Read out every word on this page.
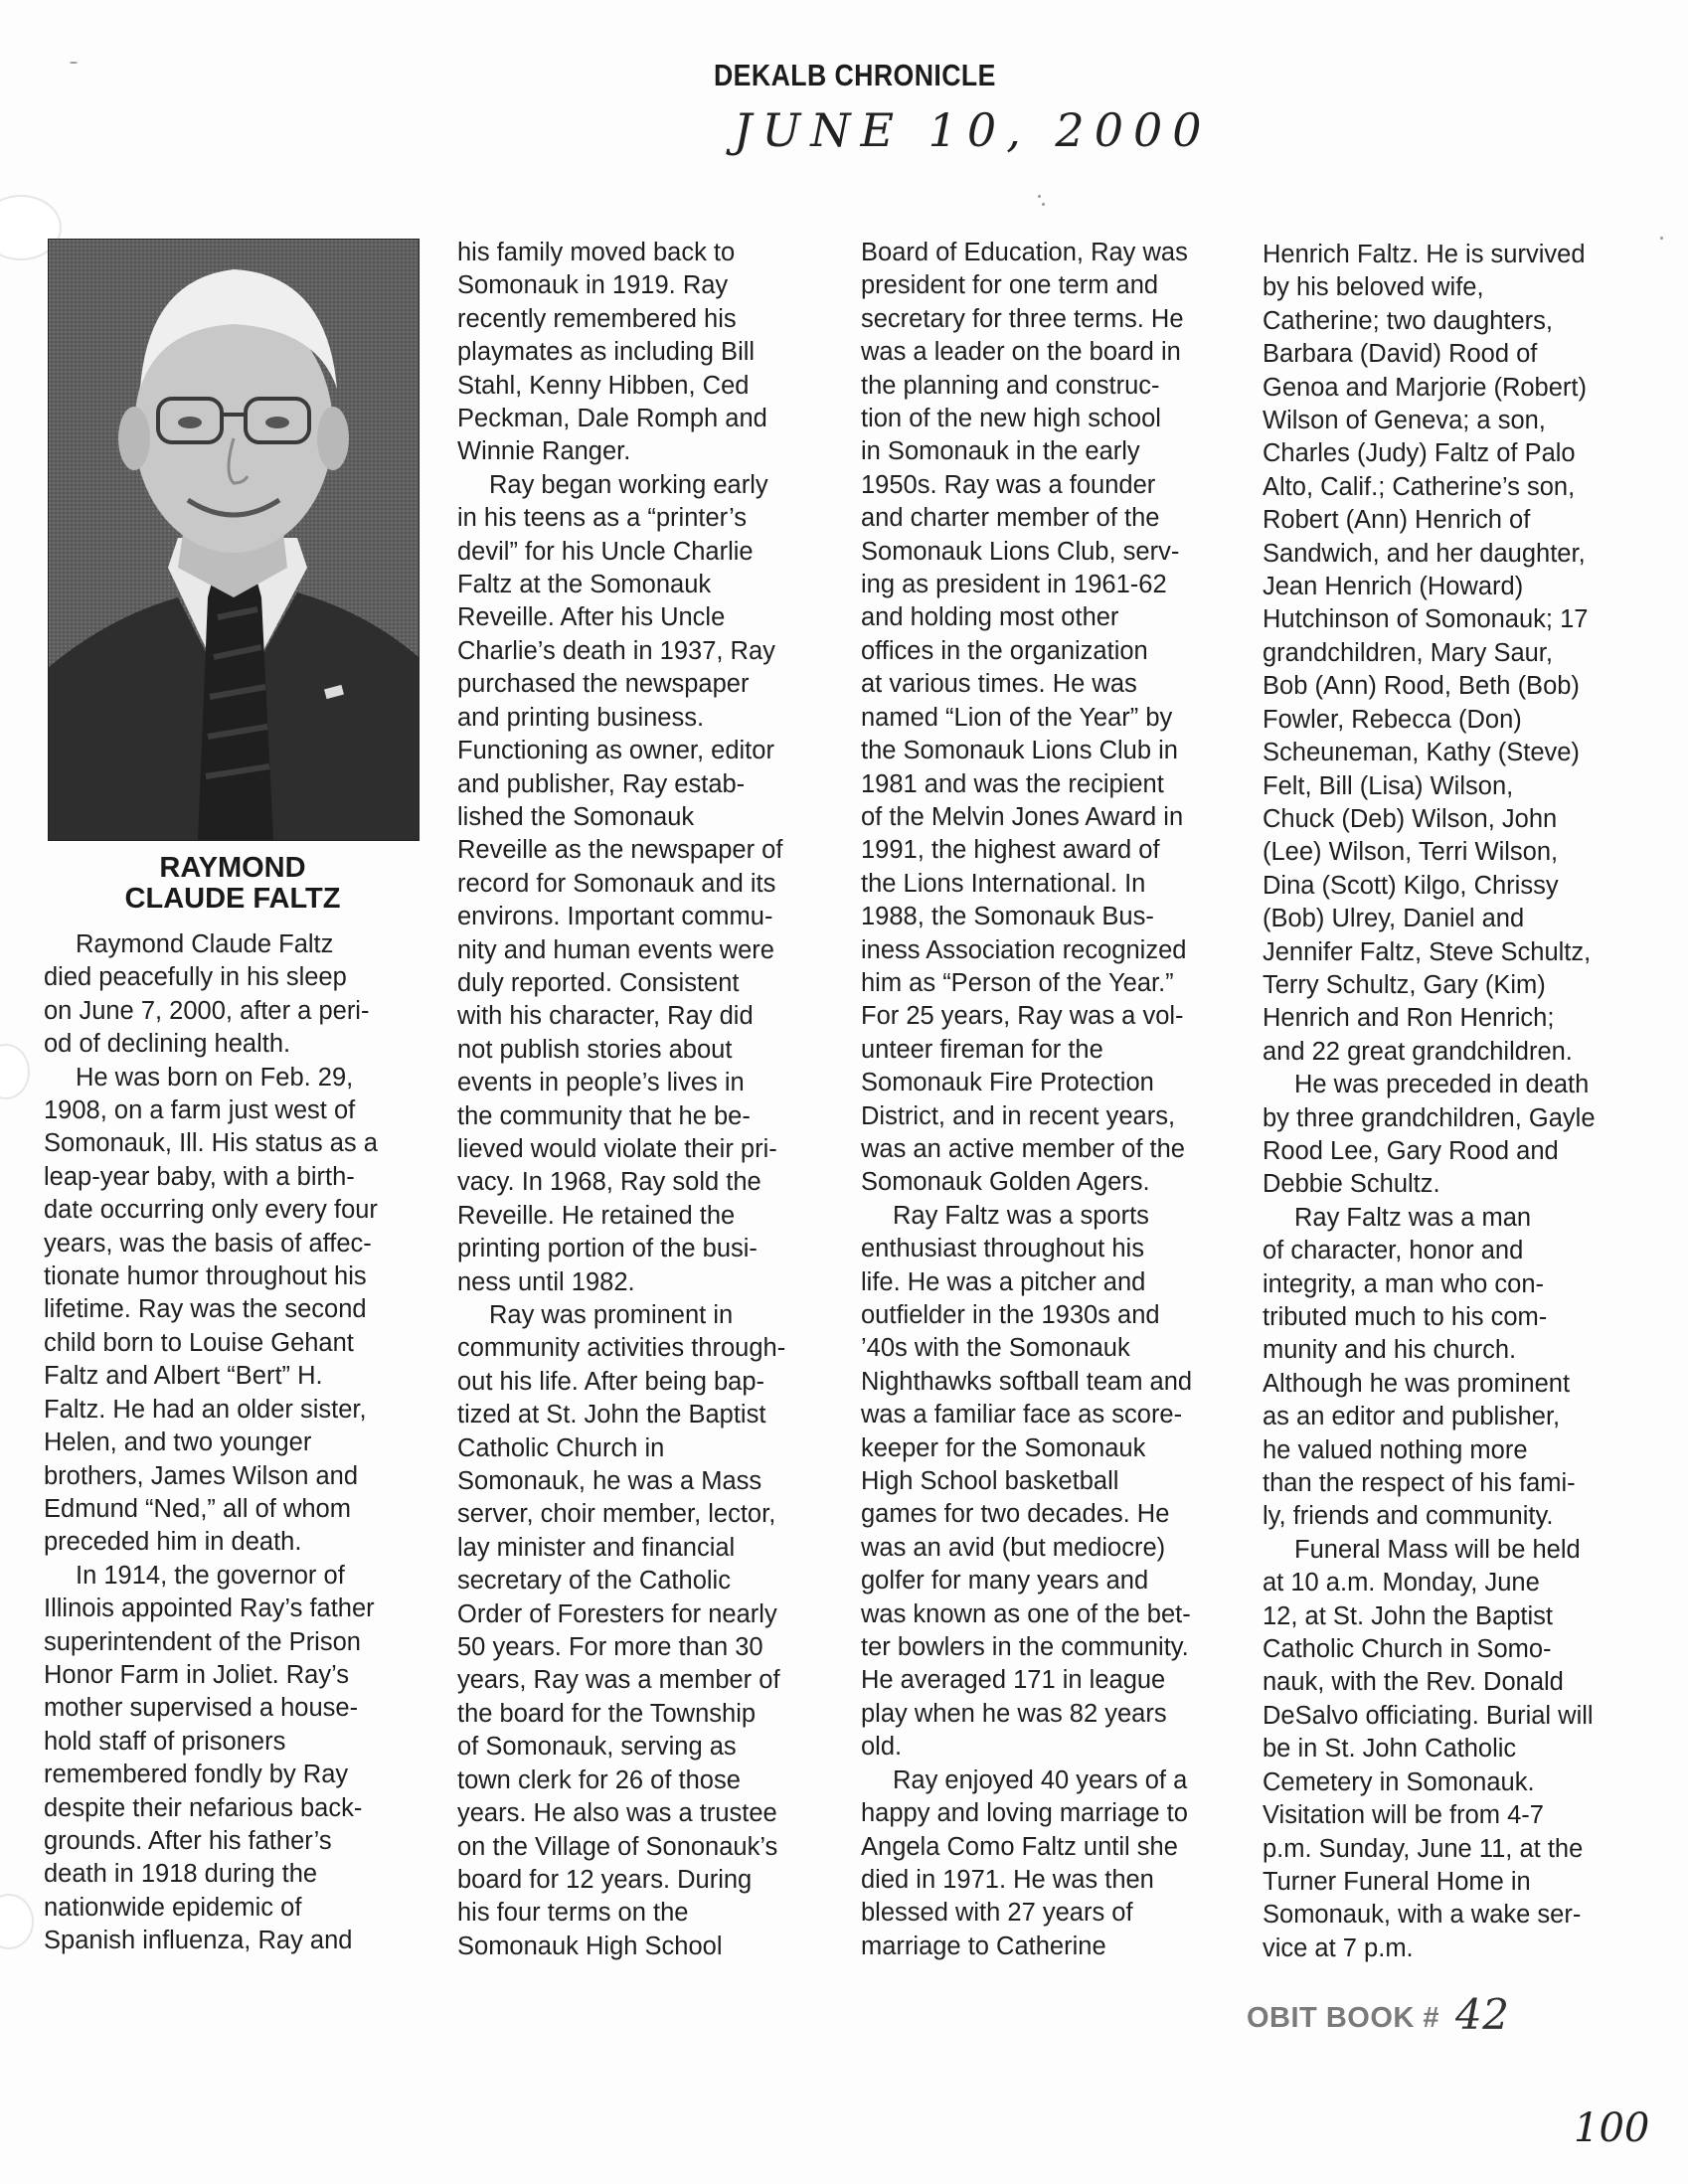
DEKALB CHRONICLE
JUNE 10, 2000
RAYMOND
CLAUDE FALTZ

Raymond Claude Faltz

died peacefully in his sleep

on June 7, 2000, after a peri-

od of declining health.

He was born on Feb. 29,

1908, on a farm just west of

Somonauk, Ill. His status as a

leap-year baby, with a birth-

date occurring only every four

years, was the basis of affec-

tionate humor throughout his

lifetime. Ray was the second

child born to Louise Gehant

Faltz and Albert “Bert” H.

Faltz. He had an older sister,

Helen, and two younger

brothers, James Wilson and

Edmund “Ned,” all of whom

preceded him in death.

In 1914, the governor of

Illinois appointed Ray’s father

superintendent of the Prison

Honor Farm in Joliet. Ray’s

mother supervised a house-

hold staff of prisoners

remembered fondly by Ray

despite their nefarious back-

grounds. After his father’s

death in 1918 during the

nationwide epidemic of

Spanish influenza, Ray and

his family moved back to

Somonauk in 1919. Ray

recently remembered his

playmates as including Bill

Stahl, Kenny Hibben, Ced

Peckman, Dale Romph and

Winnie Ranger.

Ray began working early

in his teens as a “printer’s

devil” for his Uncle Charlie

Faltz at the Somonauk

Reveille. After his Uncle

Charlie’s death in 1937, Ray

purchased the newspaper

and printing business.

Functioning as owner, editor

and publisher, Ray estab-

lished the Somonauk

Reveille as the newspaper of

record for Somonauk and its

environs. Important commu-

nity and human events were

duly reported. Consistent

with his character, Ray did

not publish stories about

events in people’s lives in

the community that he be-

lieved would violate their pri-

vacy. In 1968, Ray sold the

Reveille. He retained the

printing portion of the busi-

ness until 1982.

Ray was prominent in

community activities through-

out his life. After being bap-

tized at St. John the Baptist

Catholic Church in

Somonauk, he was a Mass

server, choir member, lector,

lay minister and financial

secretary of the Catholic

Order of Foresters for nearly

50 years. For more than 30

years, Ray was a member of

the board for the Township

of Somonauk, serving as

town clerk for 26 of those

years. He also was a trustee

on the Village of Sononauk’s

board for 12 years. During

his four terms on the

Somonauk High School

Board of Education, Ray was

president for one term and

secretary for three terms. He

was a leader on the board in

the planning and construc-

tion of the new high school

in Somonauk in the early

1950s. Ray was a founder

and charter member of the

Somonauk Lions Club, serv-

ing as president in 1961-62

and holding most other

offices in the organization

at various times. He was

named “Lion of the Year” by

the Somonauk Lions Club in

1981 and was the recipient

of the Melvin Jones Award in

1991, the highest award of

the Lions International. In

1988, the Somonauk Bus-

iness Association recognized

him as “Person of the Year.”

For 25 years, Ray was a vol-

unteer fireman for the

Somonauk Fire Protection

District, and in recent years,

was an active member of the

Somonauk Golden Agers.

Ray Faltz was a sports

enthusiast throughout his

life. He was a pitcher and

outfielder in the 1930s and

’40s with the Somonauk

Nighthawks softball team and

was a familiar face as score-

keeper for the Somonauk

High School basketball

games for two decades. He

was an avid (but mediocre)

golfer for many years and

was known as one of the bet-

ter bowlers in the community.

He averaged 171 in league

play when he was 82 years

old.

Ray enjoyed 40 years of a

happy and loving marriage to

Angela Como Faltz until she

died in 1971. He was then

blessed with 27 years of

marriage to Catherine

Henrich Faltz. He is survived

by his beloved wife,

Catherine; two daughters,

Barbara (David) Rood of

Genoa and Marjorie (Robert)

Wilson of Geneva; a son,

Charles (Judy) Faltz of Palo

Alto, Calif.; Catherine’s son,

Robert (Ann) Henrich of

Sandwich, and her daughter,

Jean Henrich (Howard)

Hutchinson of Somonauk; 17

grandchildren, Mary Saur,

Bob (Ann) Rood, Beth (Bob)

Fowler, Rebecca (Don)

Scheuneman, Kathy (Steve)

Felt, Bill (Lisa) Wilson,

Chuck (Deb) Wilson, John

(Lee) Wilson, Terri Wilson,

Dina (Scott) Kilgo, Chrissy

(Bob) Ulrey, Daniel and

Jennifer Faltz, Steve Schultz,

Terry Schultz, Gary (Kim)

Henrich and Ron Henrich;

and 22 great grandchildren.

He was preceded in death

by three grandchildren, Gayle

Rood Lee, Gary Rood and

Debbie Schultz.

Ray Faltz was a man

of character, honor and

integrity, a man who con-

tributed much to his com-

munity and his church.

Although he was prominent

as an editor and publisher,

he valued nothing more

than the respect of his fami-

ly, friends and community.

Funeral Mass will be held

at 10 a.m. Monday, June

12, at St. John the Baptist

Catholic Church in Somo-

nauk, with the Rev. Donald

DeSalvo officiating. Burial will

be in St. John Catholic

Cemetery in Somonauk.

Visitation will be from 4-7

p.m. Sunday, June 11, at the

Turner Funeral Home in

Somonauk, with a wake ser-

vice at 7 p.m.

OBIT BOOK # 42
100
